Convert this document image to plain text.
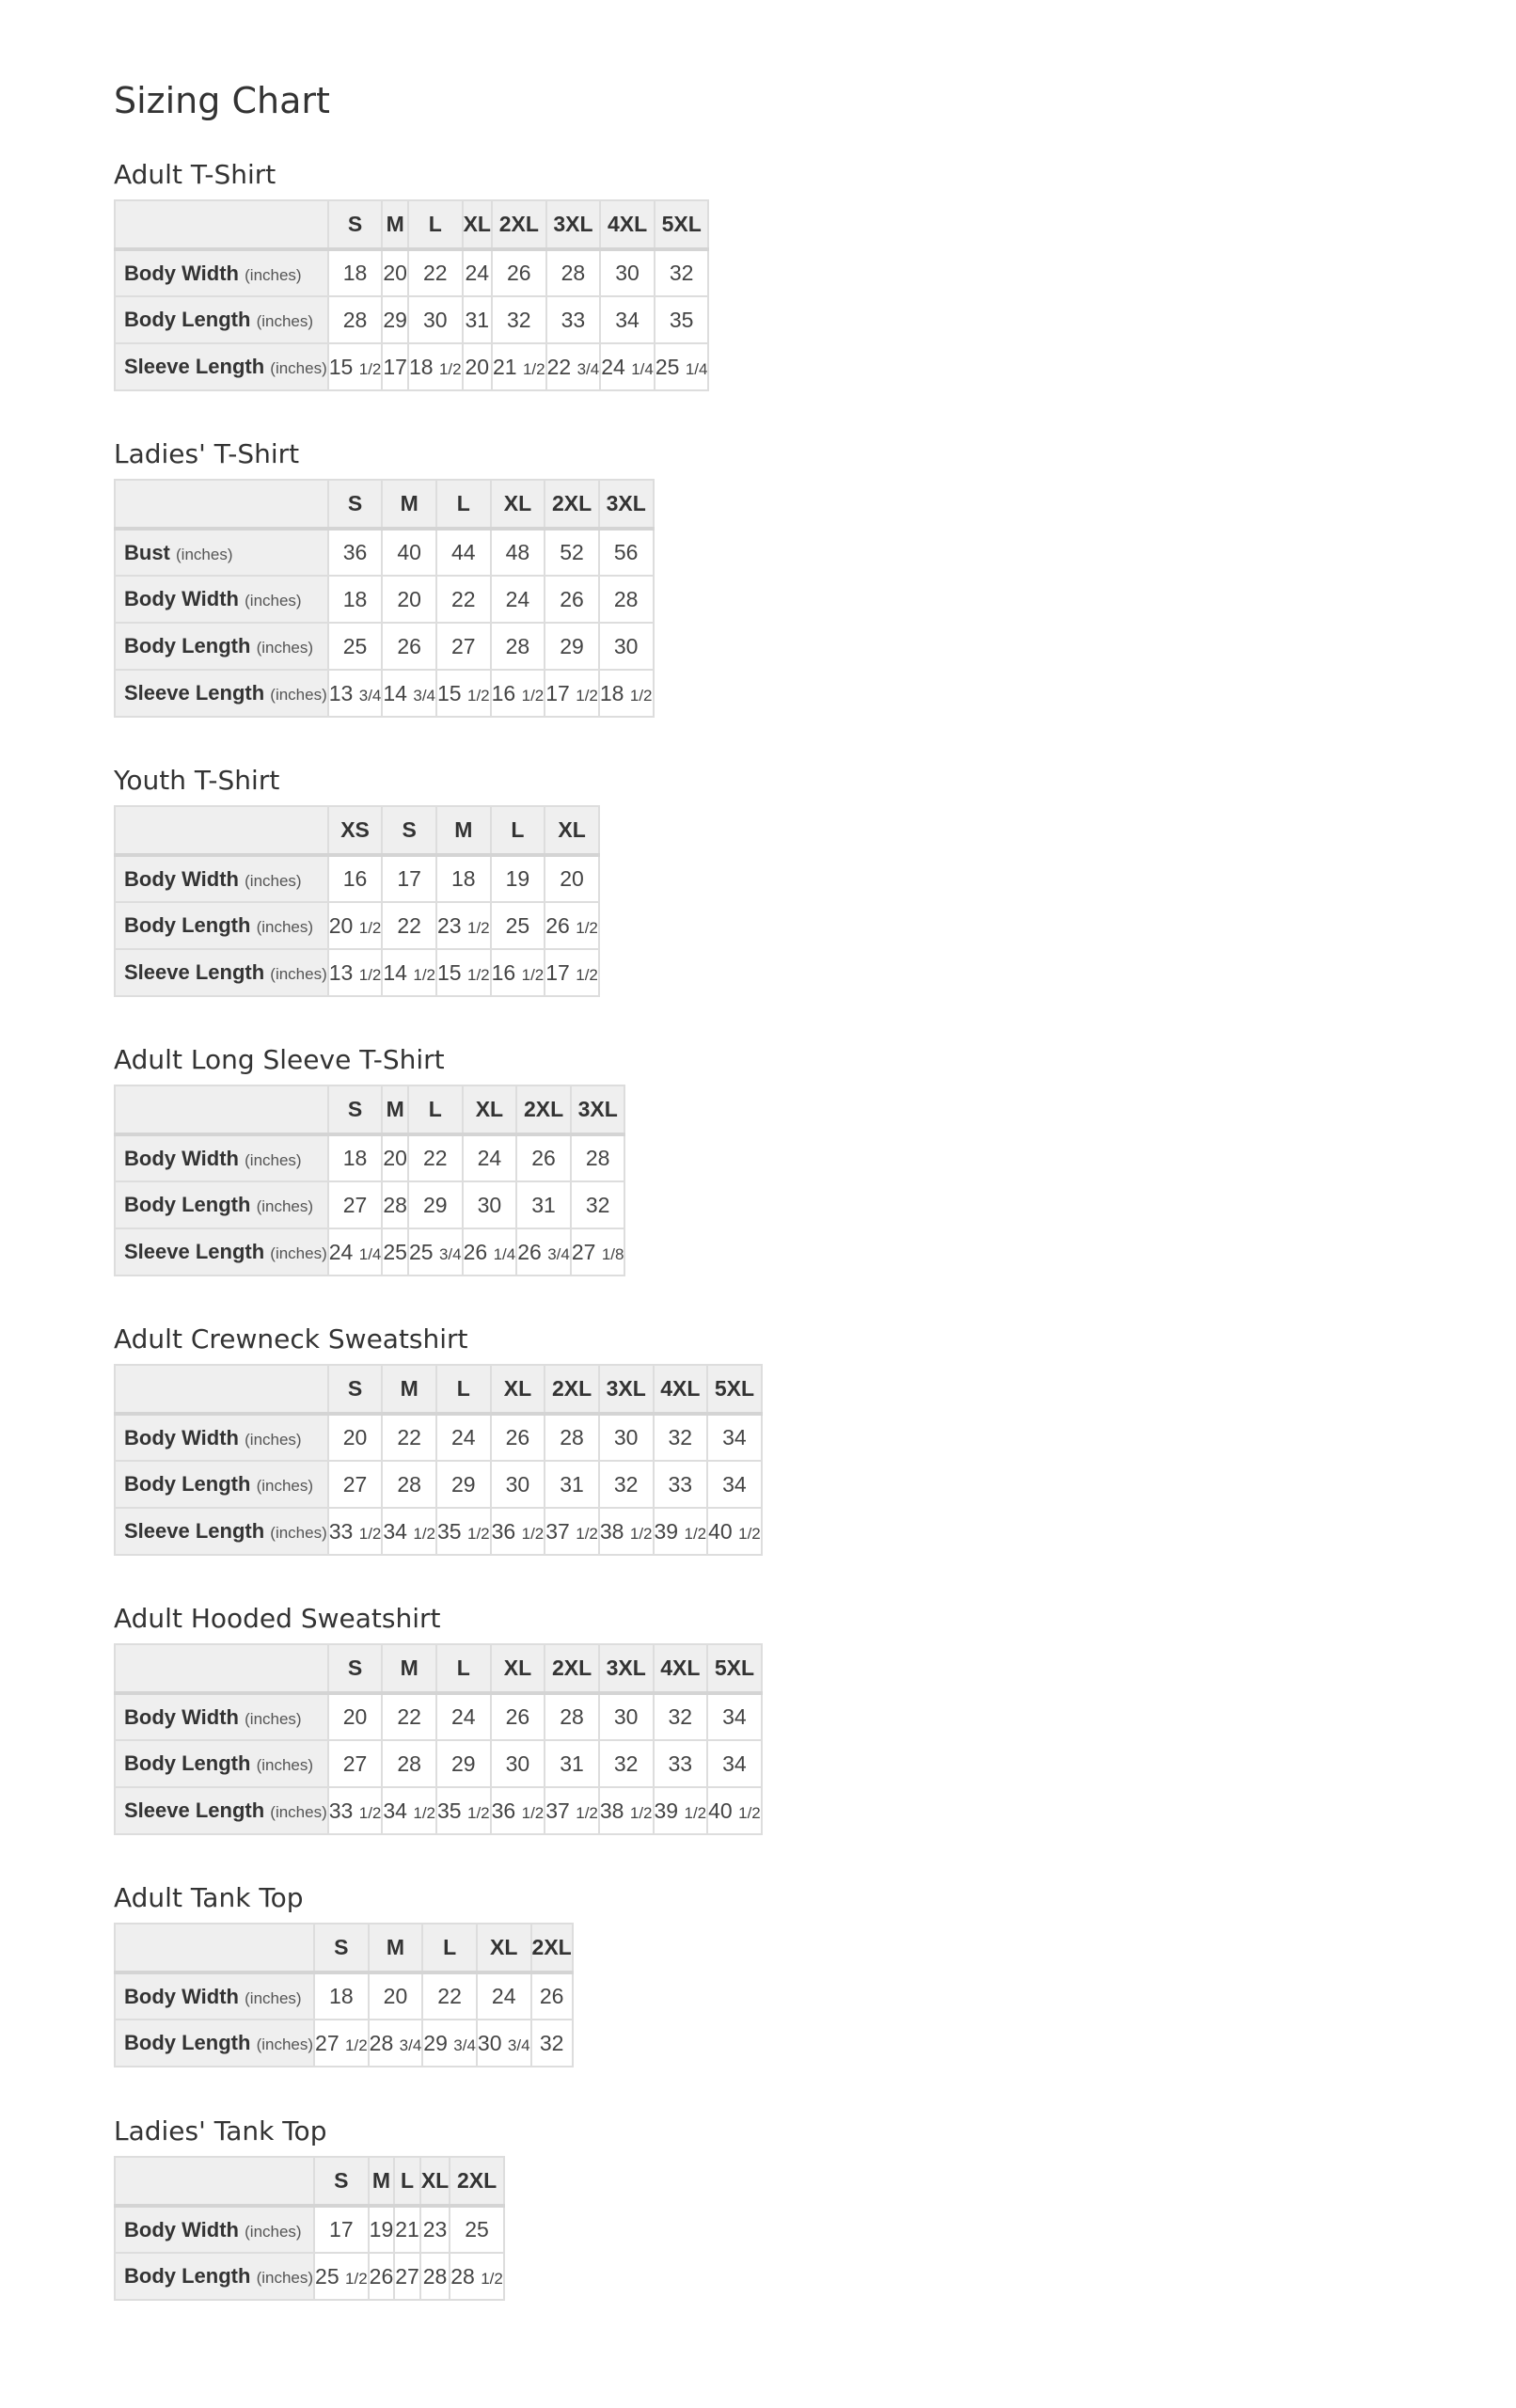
Sizing Chart
Adult T-Shirt
	S	M	L	XL	2XL	3XL	4XL	5XL
Body Width (inches)	18	20	22	24	26	28	30	32
Body Length (inches)	28	29	30	31	32	33	34	35
Sleeve Length (inches)	15 1/2	17	18 1/2	20	21 1/2	22 3/4	24 1/4	25 1/4
Ladies' T-Shirt
	S	M	L	XL	2XL	3XL
Bust (inches)	36	40	44	48	52	56
Body Width (inches)	18	20	22	24	26	28
Body Length (inches)	25	26	27	28	29	30
Sleeve Length (inches)	13 3/4	14 3/4	15 1/2	16 1/2	17 1/2	18 1/2
Youth T-Shirt
	XS	S	M	L	XL
Body Width (inches)	16	17	18	19	20
Body Length (inches)	20 1/2	22	23 1/2	25	26 1/2
Sleeve Length (inches)	13 1/2	14 1/2	15 1/2	16 1/2	17 1/2
Adult Long Sleeve T-Shirt
	S	M	L	XL	2XL	3XL
Body Width (inches)	18	20	22	24	26	28
Body Length (inches)	27	28	29	30	31	32
Sleeve Length (inches)	24 1/4	25	25 3/4	26 1/4	26 3/4	27 1/8
Adult Crewneck Sweatshirt
	S	M	L	XL	2XL	3XL	4XL	5XL
Body Width (inches)	20	22	24	26	28	30	32	34
Body Length (inches)	27	28	29	30	31	32	33	34
Sleeve Length (inches)	33 1/2	34 1/2	35 1/2	36 1/2	37 1/2	38 1/2	39 1/2	40 1/2
Adult Hooded Sweatshirt
	S	M	L	XL	2XL	3XL	4XL	5XL
Body Width (inches)	20	22	24	26	28	30	32	34
Body Length (inches)	27	28	29	30	31	32	33	34
Sleeve Length (inches)	33 1/2	34 1/2	35 1/2	36 1/2	37 1/2	38 1/2	39 1/2	40 1/2
Adult Tank Top
	S	M	L	XL	2XL
Body Width (inches)	18	20	22	24	26
Body Length (inches)	27 1/2	28 3/4	29 3/4	30 3/4	32
Ladies' Tank Top
	S	M	L	XL	2XL
Body Width (inches)	17	19	21	23	25
Body Length (inches)	25 1/2	26	27	28	28 1/2
